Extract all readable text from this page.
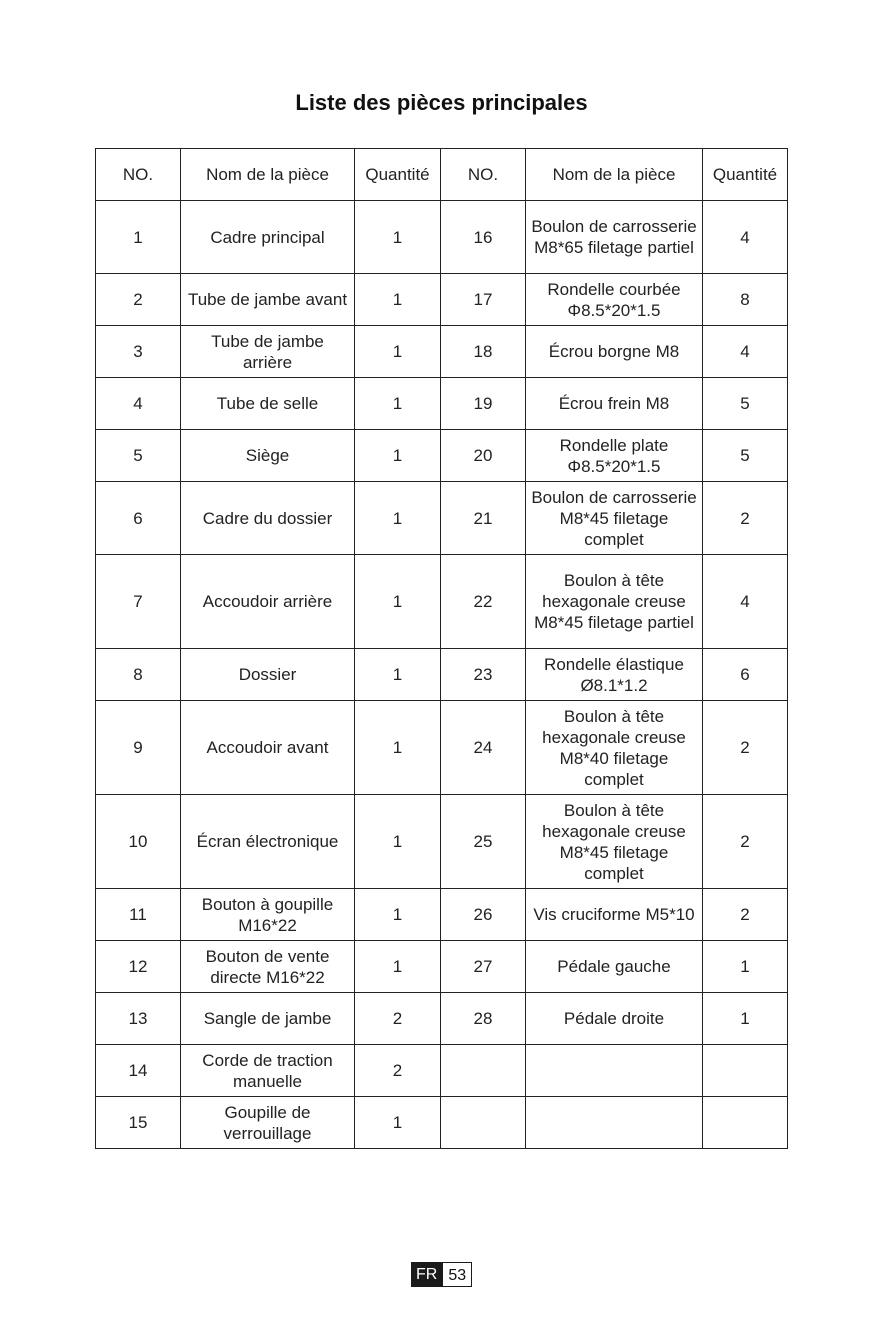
Liste des pièces principales
NO.	Nom de la pièce	Quantité	NO.	Nom de la pièce	Quantité
1	Cadre principal	1	16	Boulon de carrosserie M8*65 filetage partiel	4
2	Tube de jambe avant	1	17	Rondelle courbée Φ8.5*20*1.5	8
3	Tube de jambe arrière	1	18	Écrou borgne M8	4
4	Tube de selle	1	19	Écrou frein M8	5
5	Siège	1	20	Rondelle plate Φ8.5*20*1.5	5
6	Cadre du dossier	1	21	Boulon de carrosserie M8*45 filetage complet	2
7	Accoudoir arrière	1	22	Boulon à tête hexagonale creuse M8*45 filetage partiel	4
8	Dossier	1	23	Rondelle élastique Ø8.1*1.2	6
9	Accoudoir avant	1	24	Boulon à tête hexagonale creuse M8*40 filetage complet	2
10	Écran électronique	1	25	Boulon à tête hexagonale creuse M8*45 filetage complet	2
11	Bouton à goupille M16*22	1	26	Vis cruciforme M5*10	2
12	Bouton de vente directe M16*22	1	27	Pédale gauche	1
13	Sangle de jambe	2	28	Pédale droite	1
14	Corde de traction manuelle	2			
15	Goupille de verrouillage	1			
FR 53
